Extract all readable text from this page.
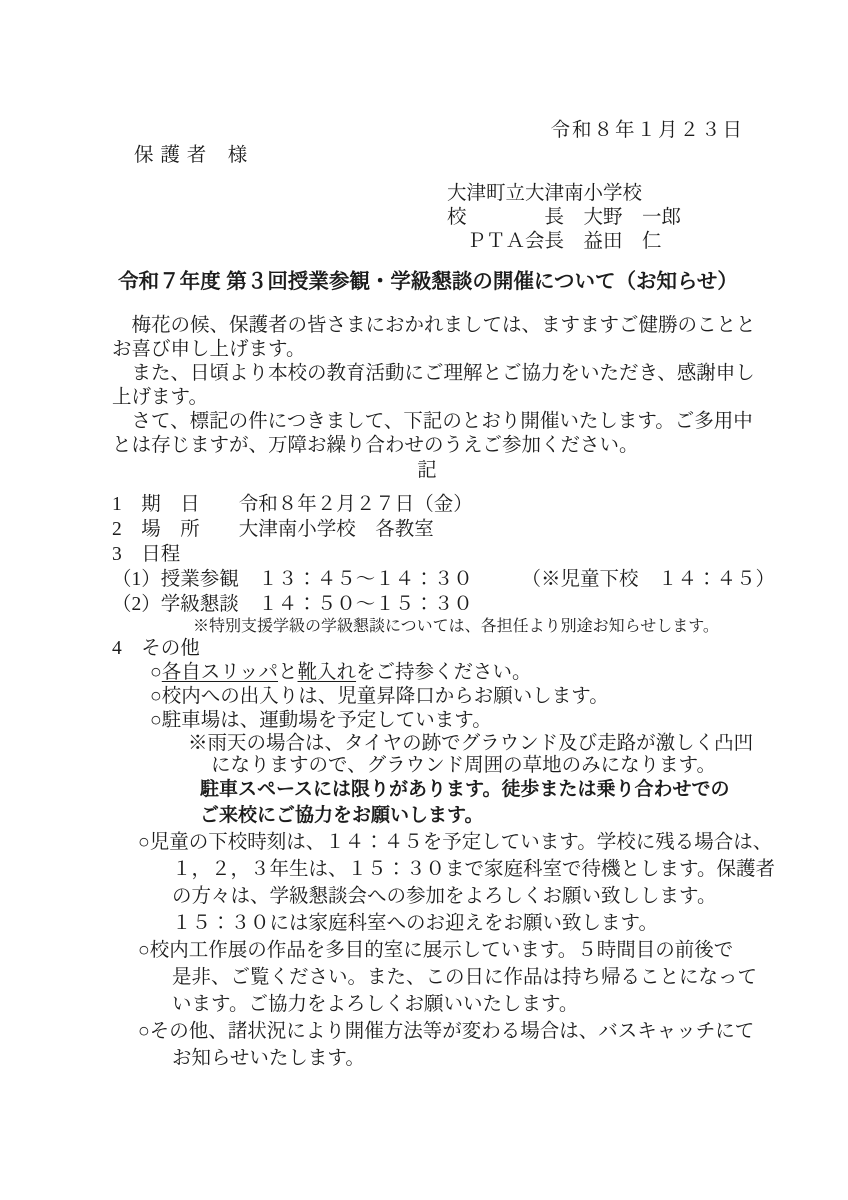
令和８年１月２３日
保 護 者　様
大津町立大津南小学校
校　　　　長　大野　一郎
　ＰＴＡ会長　益田　仁
令和７年度 第３回授業参観・学級懇談の開催について（お知らせ）
　梅花の候、保護者の皆さまにおかれましては、ますますご健勝のことと
お喜び申し上げます。
　また、日頃より本校の教育活動にご理解とご協力をいただき、感謝申し
上げます。
　さて、標記の件につきまして、下記のとおり開催いたします。ご多用中
とは存じますが、万障お繰り合わせのうえご参加ください。
記
1　期　日　　令和８年２月２７日（金）
2　場　所　　大津南小学校　各教室
3　日程
（1）授業参観　１３：４５～１４：３０　　　（※児童下校　１４：４５）
（2）学級懇談　１４：５０～１５：３０
※特別支援学級の学級懇談については、各担任より別途お知らせします。
4　その他
○各自スリッパと靴入れをご持参ください。
○校内への出入りは、児童昇降口からお願いします。
○駐車場は、運動場を予定しています。
※雨天の場合は、タイヤの跡でグラウンド及び走路が激しく凸凹
になりますので、グラウンド周囲の草地のみになります。
駐車スペースには限りがあります。徒歩または乗り合わせでの
ご来校にご協力をお願いします。
○児童の下校時刻は、１４：４５を予定しています。学校に残る場合は、
１，２，３年生は、１５：３０まで家庭科室で待機とします。保護者
の方々は、学級懇談会への参加をよろしくお願い致しします。
１５：３０には家庭科室へのお迎えをお願い致します。
○校内工作展の作品を多目的室に展示しています。５時間目の前後で
是非、ご覧ください。また、この日に作品は持ち帰ることになって
います。ご協力をよろしくお願いいたします。
○その他、諸状況により開催方法等が変わる場合は、バスキャッチにて
お知らせいたします。
